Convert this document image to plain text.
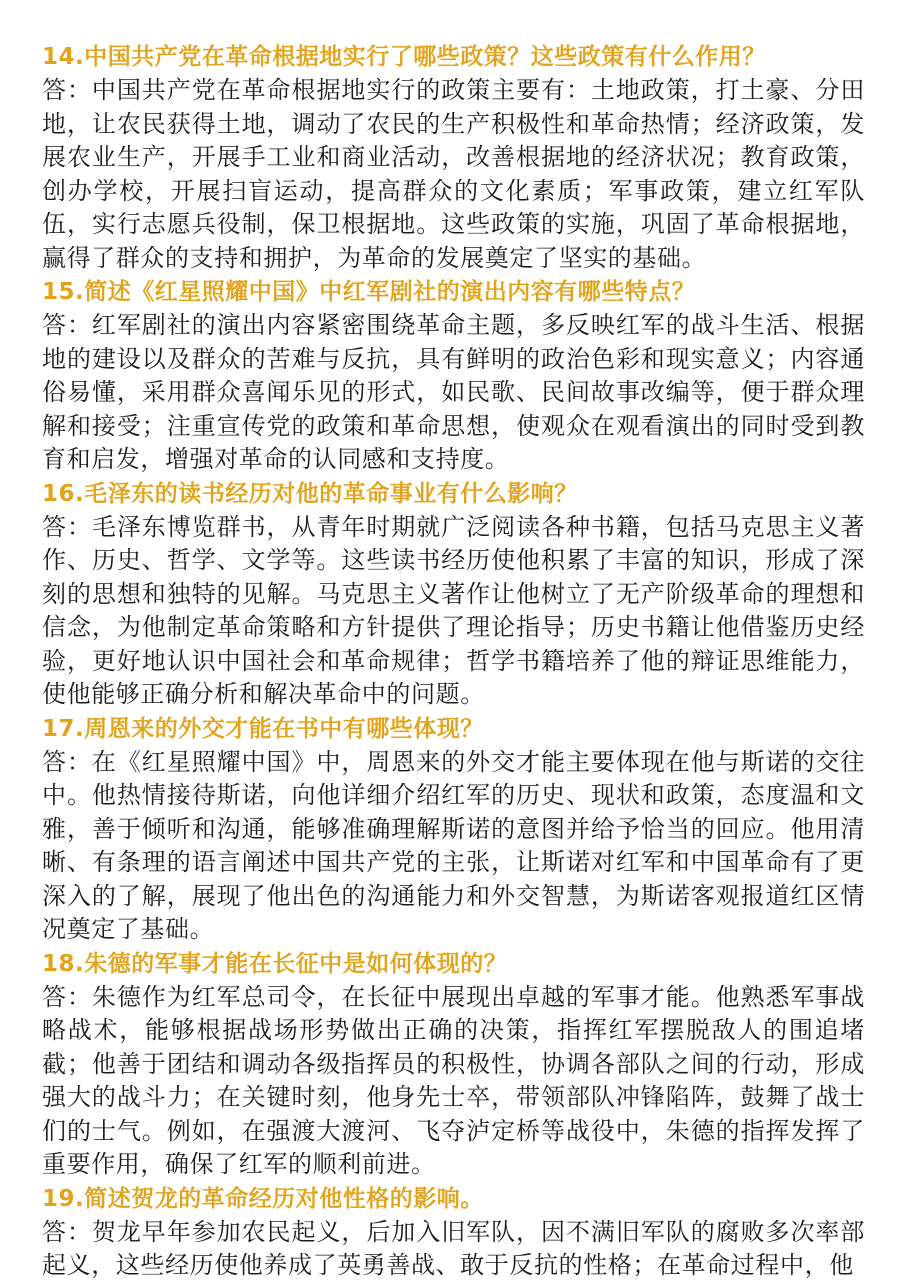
14.中国共产党在革命根据地实行了哪些政策？这些政策有什么作用？

答：中国共产党在革命根据地实行的政策主要有：土地政策，打土豪、分田地，让农民获得土地，调动了农民的生产积极性和革命热情；经济政策，发展农业生产，开展手工业和商业活动，改善根据地的经济状况；教育政策，创办学校，开展扫盲运动，提高群众的文化素质；军事政策，建立红军队伍，实行志愿兵役制，保卫根据地。这些政策的实施，巩固了革命根据地，赢得了群众的支持和拥护，为革命的发展奠定了坚实的基础。

15.简述《红星照耀中国》中红军剧社的演出内容有哪些特点？

答：红军剧社的演出内容紧密围绕革命主题，多反映红军的战斗生活、根据地的建设以及群众的苦难与反抗，具有鲜明的政治色彩和现实意义；内容通俗易懂，采用群众喜闻乐见的形式，如民歌、民间故事改编等，便于群众理解和接受；注重宣传党的政策和革命思想，使观众在观看演出的同时受到教育和启发，增强对革命的认同感和支持度。

16.毛泽东的读书经历对他的革命事业有什么影响？

答：毛泽东博览群书，从青年时期就广泛阅读各种书籍，包括马克思主义著作、历史、哲学、文学等。这些读书经历使他积累了丰富的知识，形成了深刻的思想和独特的见解。马克思主义著作让他树立了无产阶级革命的理想和信念，为他制定革命策略和方针提供了理论指导；历史书籍让他借鉴历史经验，更好地认识中国社会和革命规律；哲学书籍培养了他的辩证思维能力，使他能够正确分析和解决革命中的问题。

17.周恩来的外交才能在书中有哪些体现？

答：在《红星照耀中国》中，周恩来的外交才能主要体现在他与斯诺的交往中。他热情接待斯诺，向他详细介绍红军的历史、现状和政策，态度温和文雅，善于倾听和沟通，能够准确理解斯诺的意图并给予恰当的回应。他用清晰、有条理的语言阐述中国共产党的主张，让斯诺对红军和中国革命有了更深入的了解，展现了他出色的沟通能力和外交智慧，为斯诺客观报道红区情况奠定了基础。

18.朱德的军事才能在长征中是如何体现的？

答：朱德作为红军总司令，在长征中展现出卓越的军事才能。他熟悉军事战略战术，能够根据战场形势做出正确的决策，指挥红军摆脱敌人的围追堵截；他善于团结和调动各级指挥员的积极性，协调各部队之间的行动，形成强大的战斗力；在关键时刻，他身先士卒，带领部队冲锋陷阵，鼓舞了战士们的士气。例如，在强渡大渡河、飞夺泸定桥等战役中，朱德的指挥发挥了重要作用，确保了红军的顺利前进。

19.简述贺龙的革命经历对他性格的影响。

答：贺龙早年参加农民起义，后加入旧军队，因不满旧军队的腐败多次率部起义，这些经历使他养成了英勇善战、敢于反抗的性格；在革命过程中，他
